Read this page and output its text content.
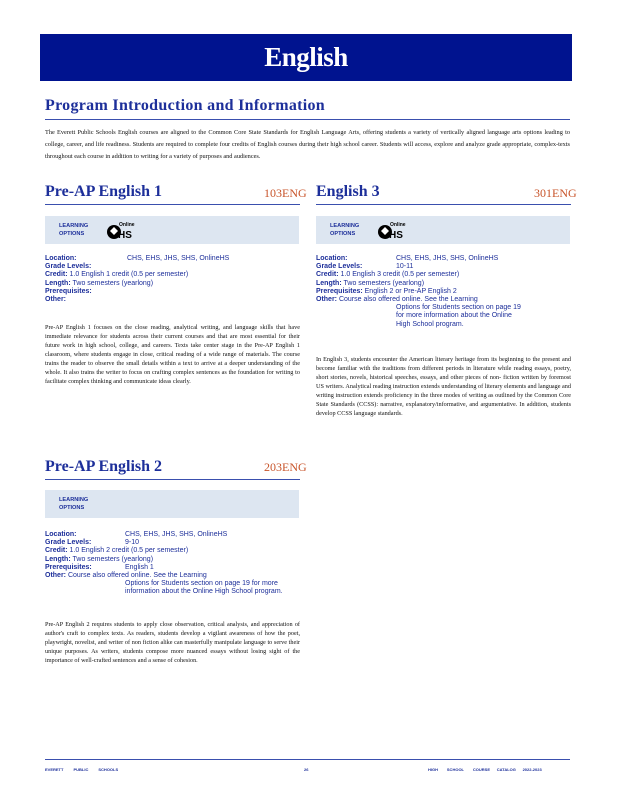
English
Program Introduction and Information
The Everett Public Schools English courses are aligned to the Common Core State Standards for English Language Arts, offering students a variety of vertically aligned language arts options leading to college, career, and life readiness. Students are required to complete four credits of English courses during their high school career. Students will access, explore and analyze grade appropriate, complex-texts throughout each course in addition to writing for a variety of purposes and audiences.
Pre-AP English 1	103ENG
LEARNING
OPTIONS
Online
HS
Location:	CHS, EHS, JHS, SHS, OnlineHS
Grade Levels:
Credit: 1.0 English 1 credit (0.5 per semester)
Length: Two semesters (yearlong)
Prerequisites:
Other:
Pre-AP English 1 focuses on the close reading, analytical writing, and language skills that have immediate relevance for students across their current courses and that are most essential for their future work in high school, college, and careers. Texts take center stage in the Pre-AP English 1 classroom, where students engage in close, critical reading of a wide range of materials. The course trains the reader to observe the small details within a text to arrive at a deeper understanding of the whole. It also trains the writer to focus on crafting complex sentences as the foundation for writing to facilitate complex thinking and communicate ideas clearly.
Pre-AP English 2	203ENG
LEARNING
OPTIONS
Location:	CHS, EHS, JHS, SHS, OnlineHS
Grade Levels:	9-10
Credit: 1.0 English 2 credit (0.5 per semester)
Length: Two semesters (yearlong)
Prerequisites:	English 1
Other: Course also offered online. See the Learning
Options for Students section on page 19 for more
information about the Online High School program.
Pre-AP English 2 requires students to apply close observation, critical analysis, and appreciation of author's craft to complex texts. As readers, students develop a vigilant awareness of how the poet, playwright, novelist, and writer of non fiction alike can masterfully manipulate language to serve their unique purposes. As writers, students compose more nuanced essays without losing sight of the importance of well-crafted sentences and a sense of cohesion.
English 3	301ENG
LEARNING
OPTIONS
Online
HS
Location:	CHS, EHS, JHS, SHS, OnlineHS
Grade Levels:	10-11
Credit: 1.0 English 3 credit (0.5 per semester)
Length: Two semesters (yearlong)
Prerequisites: English 2 or Pre-AP English 2
Other: Course also offered online. See the Learning
Options for Students section on page 19
for more information about the Online
High School program.
In English 3, students encounter the American literary heritage from its beginning to the present and become familiar with the traditions from different periods in literature while reading essays, poetry, short stories, novels, historical speeches, essays, and other pieces of non- fiction written by foremost US writers. Analytical reading instruction extends understanding of literary elements and language and writing instruction extends proficiency in the three modes of writing as outlined by the Common Core State Standards (CCSS): narrative, explanatory/informative, and argumentative. In addition, students develop CCSS language standards.
EVERETT	PUBLIC	SCHOOLS	26	HIGH SCHOOL COURSE CATALOG 2022-2023
